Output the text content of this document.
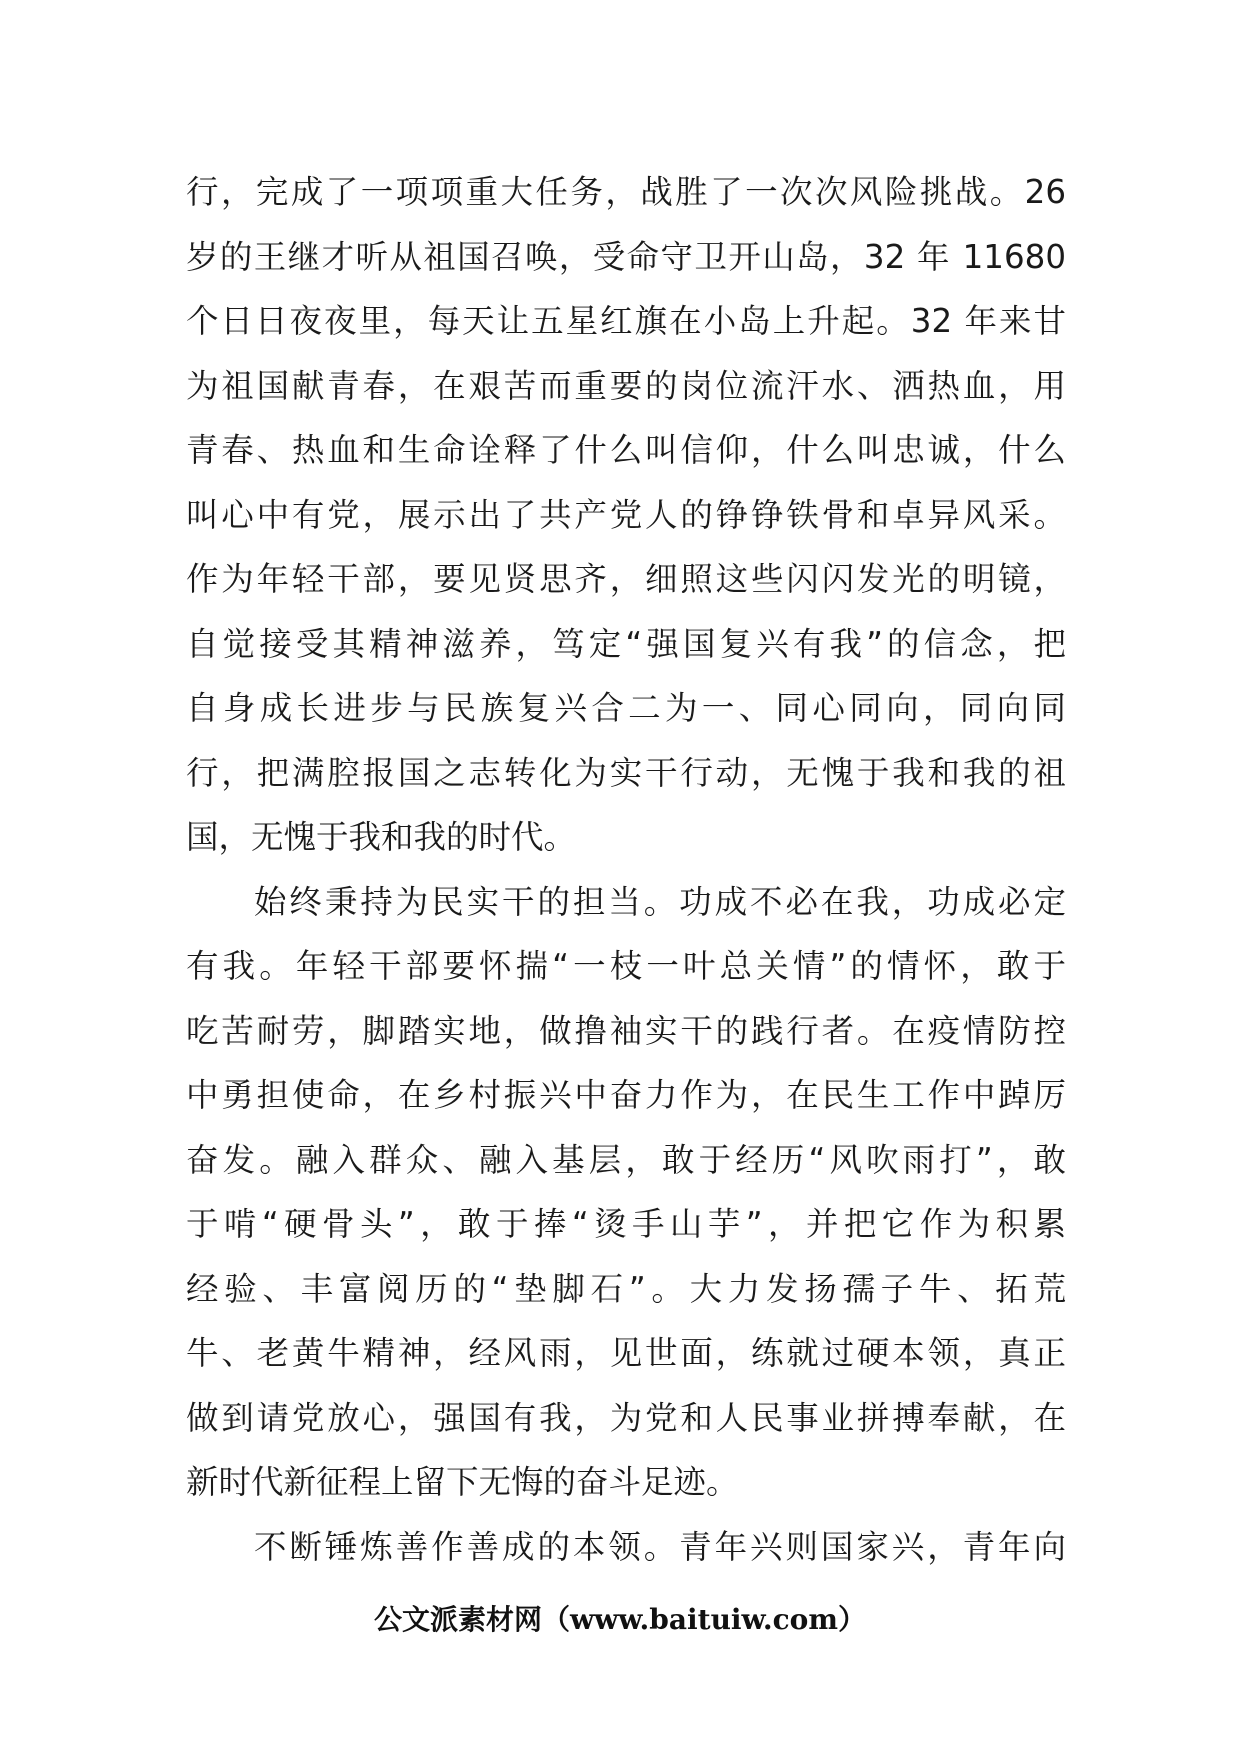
行，完成了一项项重大任务，战胜了一次次风险挑战。26
岁的王继才听从祖国召唤，受命守卫开山岛，32 年 11680
个日日夜夜里，每天让五星红旗在小岛上升起。32 年来甘
为祖国献青春，在艰苦而重要的岗位流汗水、洒热血，用
青春、热血和生命诠释了什么叫信仰，什么叫忠诚，什么
叫心中有党，展示出了共产党人的铮铮铁骨和卓异风采。
作为年轻干部，要见贤思齐，细照这些闪闪发光的明镜，
自觉接受其精神滋养，笃定“强国复兴有我”的信念，把
自身成长进步与民族复兴合二为一、同心同向，同向同
行，把满腔报国之志转化为实干行动，无愧于我和我的祖
国，无愧于我和我的时代。
始终秉持为民实干的担当。功成不必在我，功成必定
有我。年轻干部要怀揣“一枝一叶总关情”的情怀，敢于
吃苦耐劳，脚踏实地，做撸袖实干的践行者。在疫情防控
中勇担使命，在乡村振兴中奋力作为，在民生工作中踔厉
奋发。融入群众、融入基层，敢于经历“风吹雨打”，敢
于啃“硬骨头”，敢于捧“烫手山芋”，并把它作为积累
经验、丰富阅历的“垫脚石”。大力发扬孺子牛、拓荒
牛、老黄牛精神，经风雨，见世面，练就过硬本领，真正
做到请党放心，强国有我，为党和人民事业拼搏奉献，在
新时代新征程上留下无悔的奋斗足迹。
不断锤炼善作善成的本领。青年兴则国家兴，青年向
公文派素材网（www.baituiw.com）
